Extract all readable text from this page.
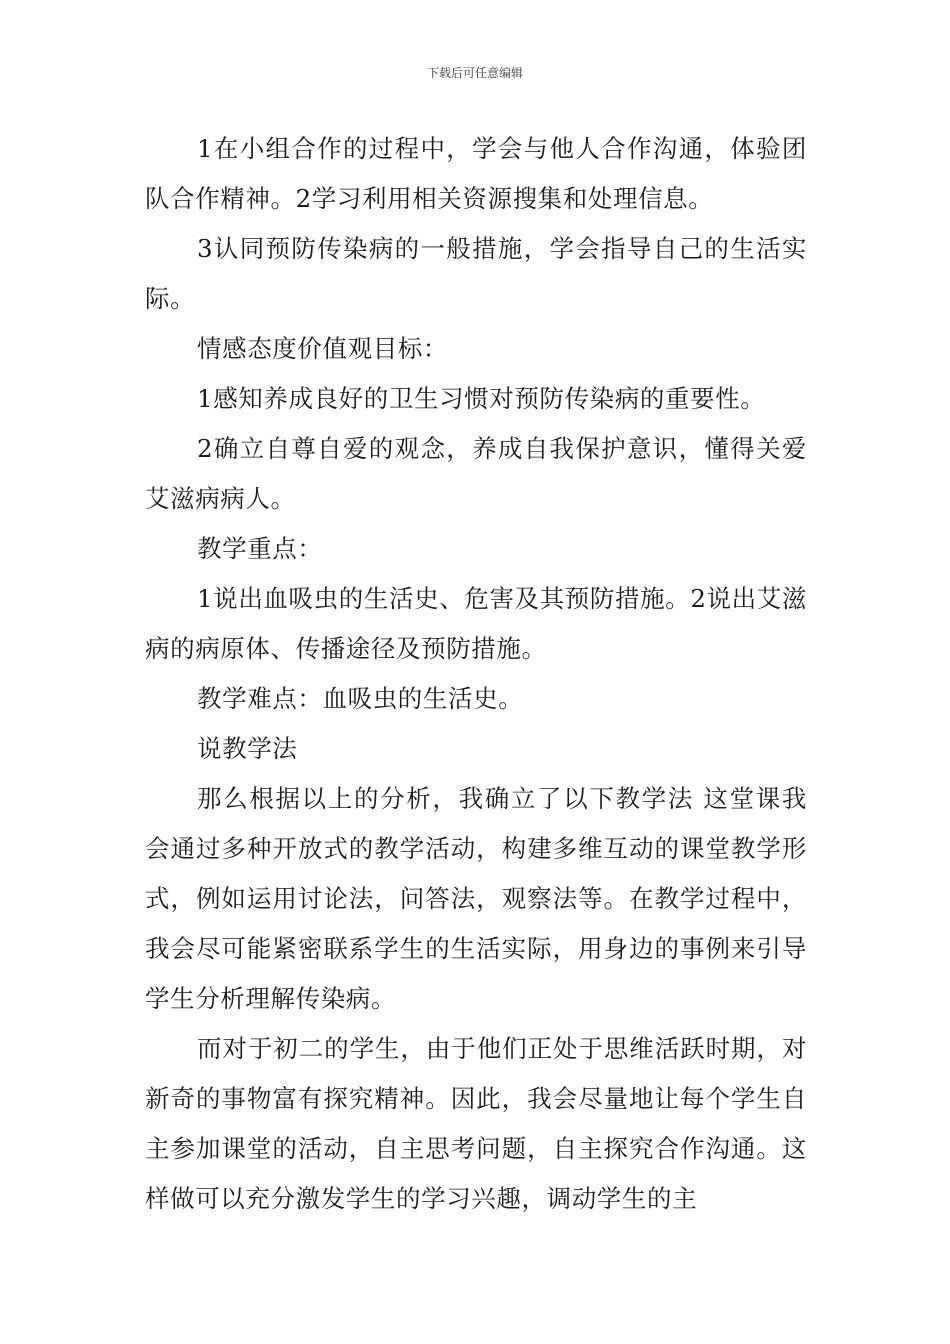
下载后可任意编辑

1在小组合作的过程中，学会与他人合作沟通，体验团队合作精神。2学习利用相关资源搜集和处理信息。

3认同预防传染病的一般措施，学会指导自己的生活实际。

情感态度价值观目标：

1感知养成良好的卫生习惯对预防传染病的重要性。

2确立自尊自爱的观念，养成自我保护意识，懂得关爱艾滋病病人。

教学重点：

1说出血吸虫的生活史、危害及其预防措施。2说出艾滋病的病原体、传播途径及预防措施。

教学难点：血吸虫的生活史。

说教学法

那么根据以上的分析，我确立了以下教学法 这堂课我会通过多种开放式的教学活动，构建多维互动的课堂教学形式，例如运用讨论法，问答法，观察法等。在教学过程中，我会尽可能紧密联系学生的生活实际，用身边的事例来引导学生分析理解传染病。

而对于初二的学生，由于他们正处于思维活跃时期，对新奇的事物富有探究精神。因此，我会尽量地让每个学生自主参加课堂的活动，自主思考问题，自主探究合作沟通。这样做可以充分激发学生的学习兴趣，调动学生的主
